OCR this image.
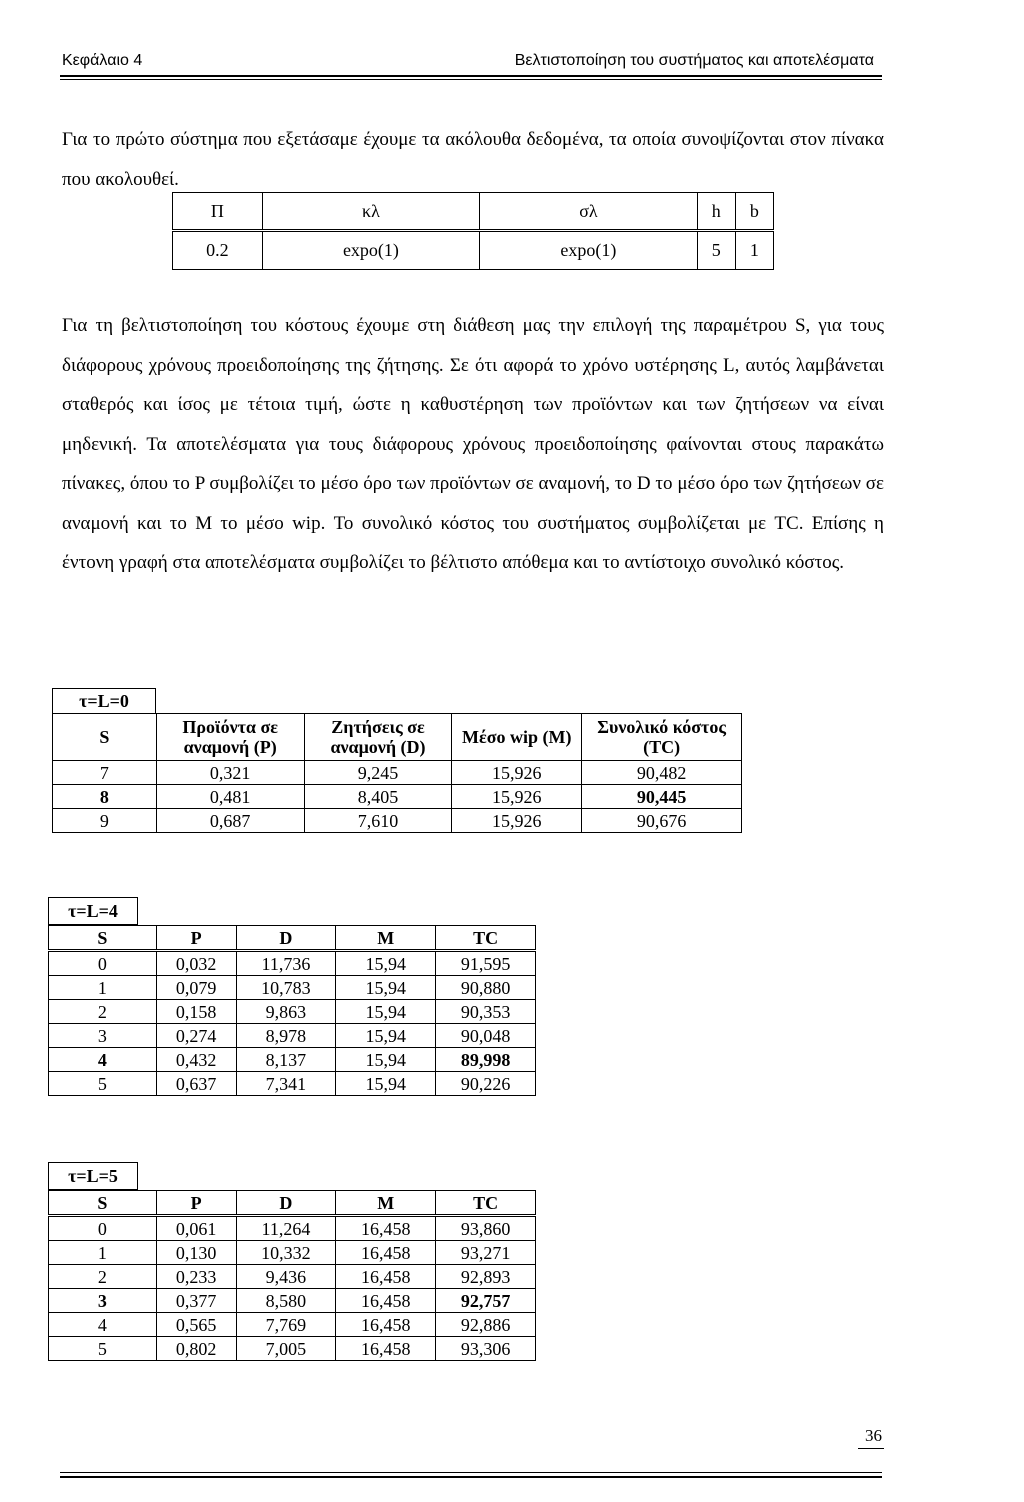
Κεφάλαιο 4	Βελτιστοποίηση του συστήματος και αποτελέσματα
Για το πρώτο σύστημα που εξετάσαμε έχουμε τα ακόλουθα δεδομένα, τα οποία συνοψίζονται στον πίνακα που ακολουθεί.
Π	κλ	σλ	h	b
0.2	expo(1)	expo(1)	5	1
Για τη βελτιστοποίηση του κόστους έχουμε στη διάθεση μας την επιλογή της παραμέτρου S, για τους διάφορους χρόνους προειδοποίησης της ζήτησης. Σε ότι αφορά το χρόνο υστέρησης L, αυτός λαμβάνεται σταθερός και ίσος με τέτοια τιμή, ώστε η καθυστέρηση των προϊόντων και των ζητήσεων να είναι μηδενική. Τα αποτελέσματα για τους διάφορους χρόνους προειδοποίησης φαίνονται στους παρακάτω πίνακες, όπου το P συμβολίζει το μέσο όρο των προϊόντων σε αναμονή, το D το μέσο όρο των ζητήσεων σε αναμονή και το M το μέσο wip. Το συνολικό κόστος του συστήματος συμβολίζεται με TC. Επίσης η έντονη γραφή στα αποτελέσματα συμβολίζει το βέλτιστο απόθεμα και το αντίστοιχο συνολικό κόστος.
τ=L=0
S	Προϊόντα σε αναμονή (P)	Ζητήσεις σε αναμονή (D)	Μέσο wip (M)	Συνολικό κόστος (TC)
7	0,321	9,245	15,926	90,482
8	0,481	8,405	15,926	90,445
9	0,687	7,610	15,926	90,676
τ=L=4
S	P	D	M	TC
0	0,032	11,736	15,94	91,595
1	0,079	10,783	15,94	90,880
2	0,158	9,863	15,94	90,353
3	0,274	8,978	15,94	90,048
4	0,432	8,137	15,94	89,998
5	0,637	7,341	15,94	90,226
τ=L=5
S	P	D	M	TC
0	0,061	11,264	16,458	93,860
1	0,130	10,332	16,458	93,271
2	0,233	9,436	16,458	92,893
3	0,377	8,580	16,458	92,757
4	0,565	7,769	16,458	92,886
5	0,802	7,005	16,458	93,306
36
